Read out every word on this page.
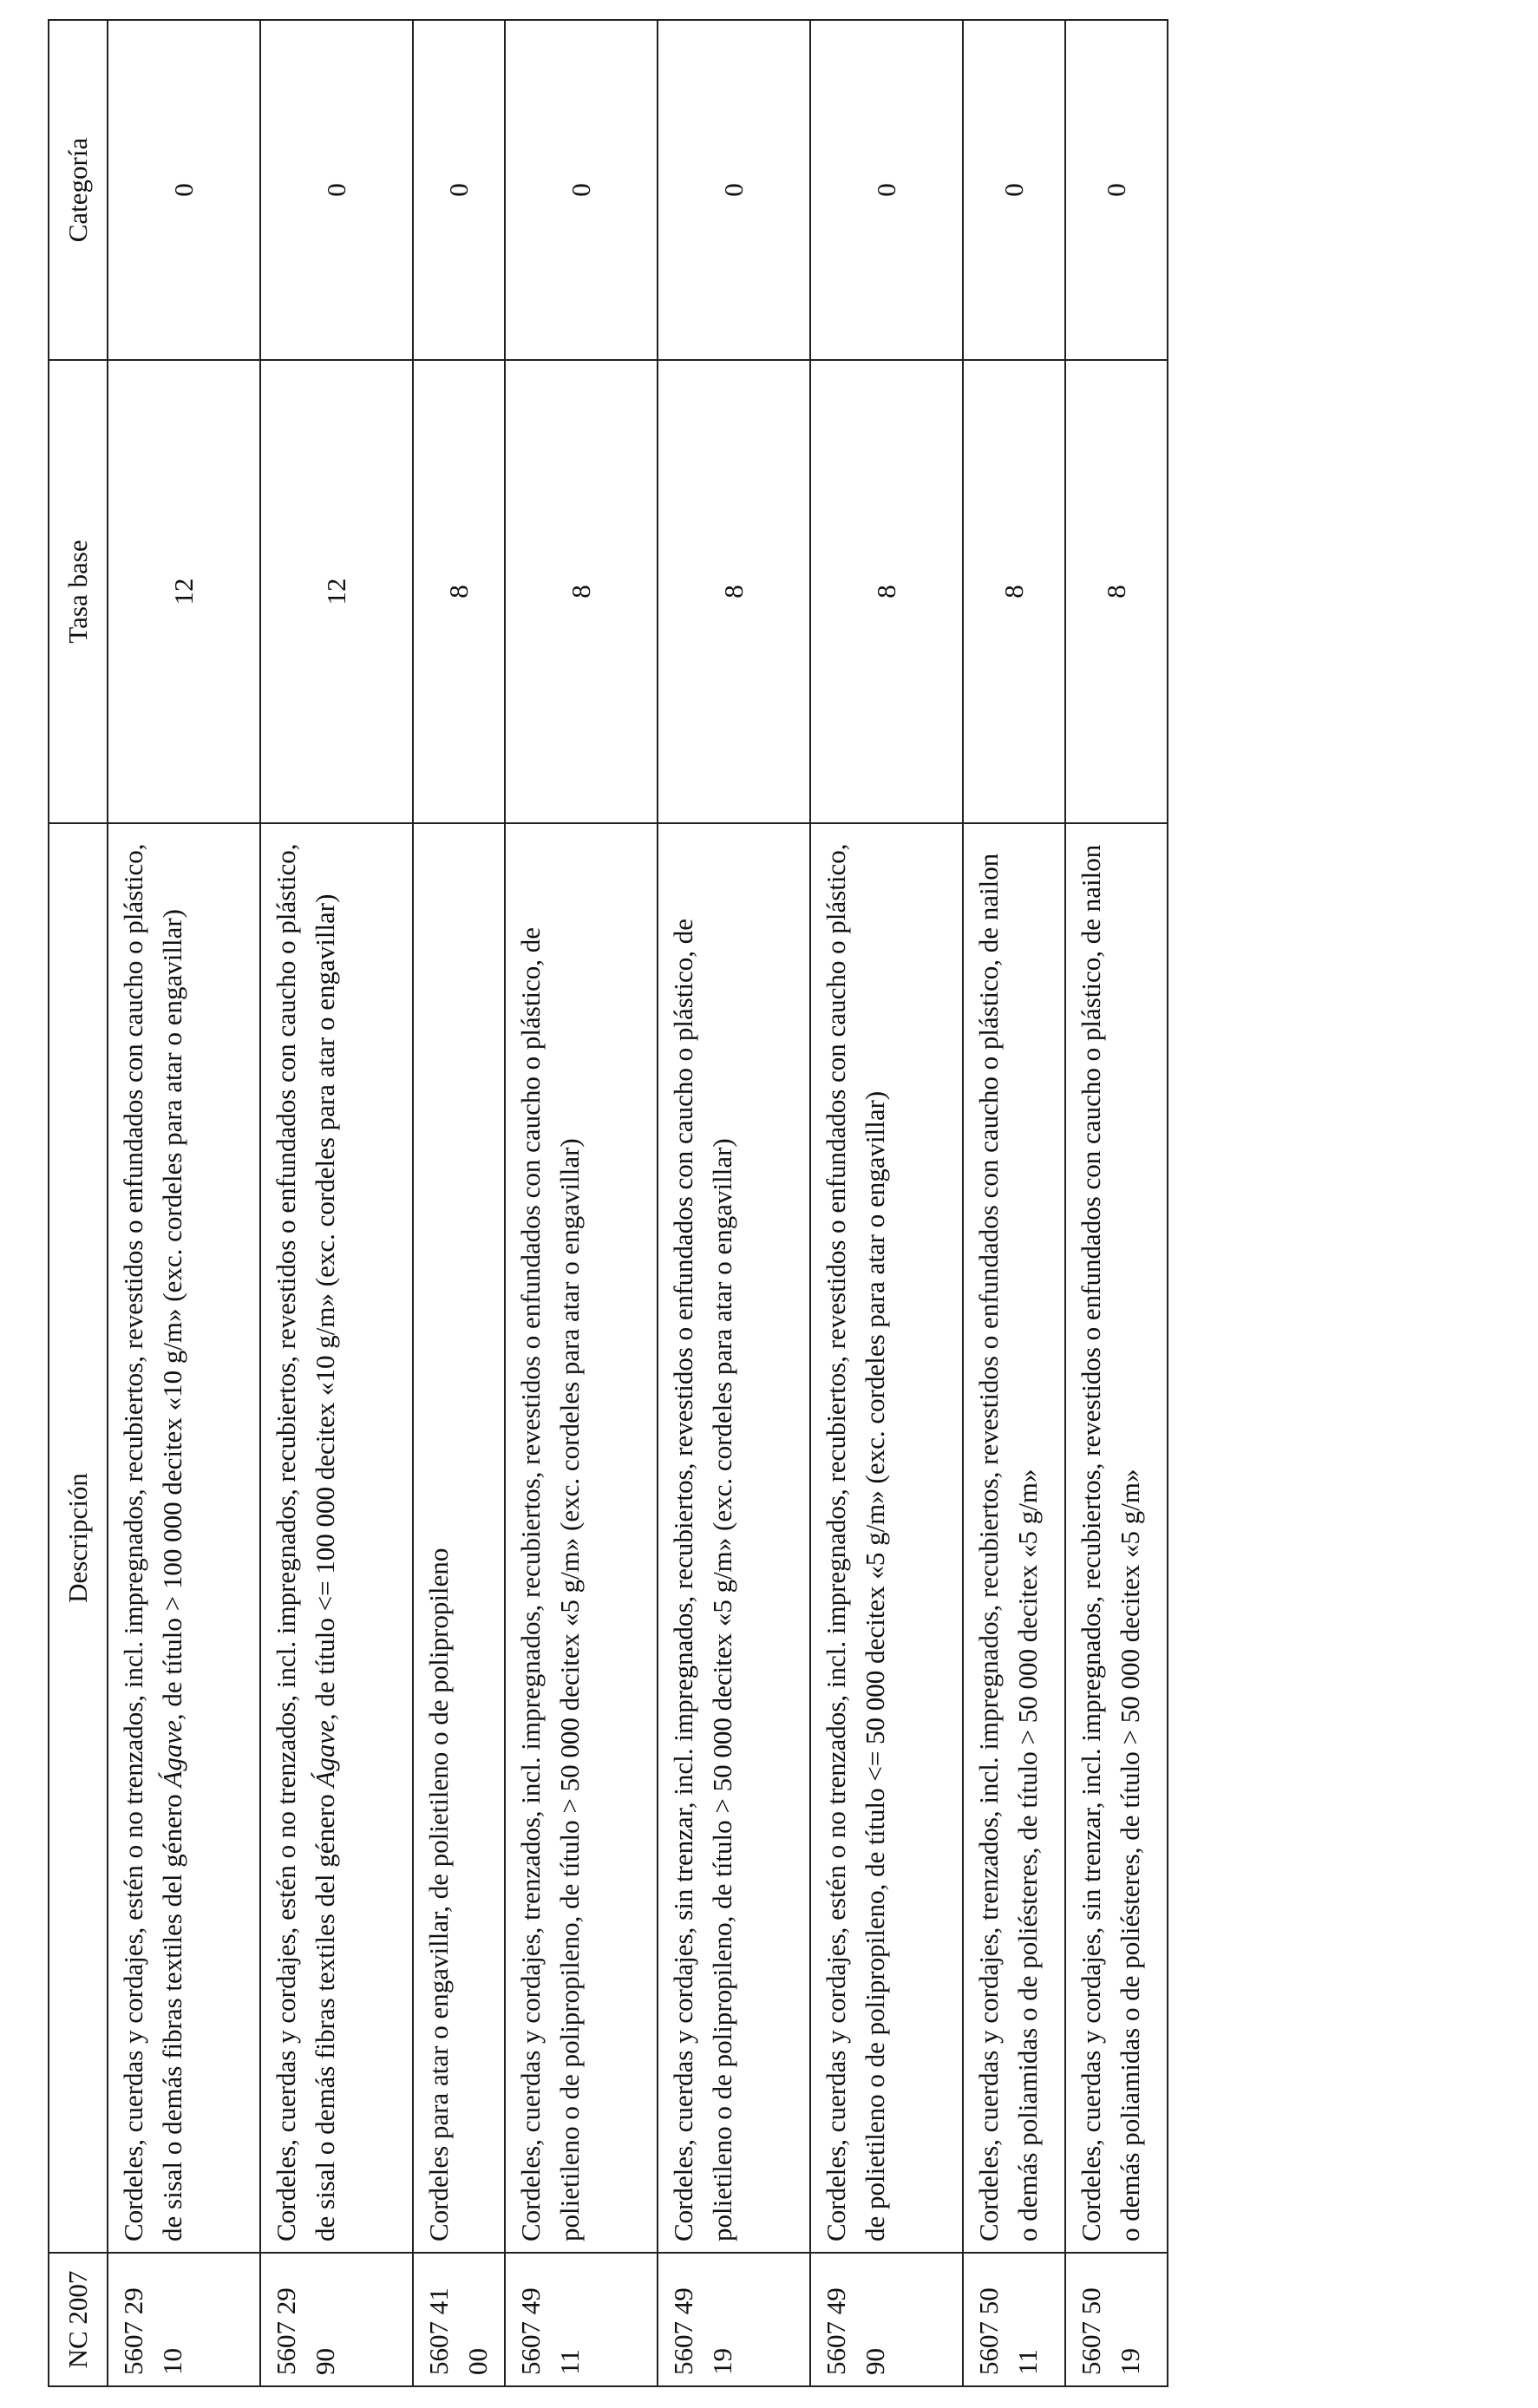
NC 2007	Descripción	Tasa base	Categoría
5607 29 10	Cordeles, cuerdas y cordajes, estén o no trenzados, incl. impregnados, recubiertos, revestidos o enfundados con caucho o plástico, de sisal o demás fibras textiles del género Ágave, de título > 100 000 decitex «10 g/m» (exc. cordeles para atar o engavillar)	12	0
5607 29 90	Cordeles, cuerdas y cordajes, estén o no trenzados, incl. impregnados, recubiertos, revestidos o enfundados con caucho o plástico, de sisal o demás fibras textiles del género Ágave, de título <= 100 000 decitex «10 g/m» (exc. cordeles para atar o engavillar)	12	0
5607 41 00	Cordeles para atar o engavillar, de polietileno o de polipropileno	8	0
5607 49 11	Cordeles, cuerdas y cordajes, trenzados, incl. impregnados, recubiertos, revestidos o enfundados con caucho o plástico, de polietileno o de polipropileno, de título > 50 000 decitex «5 g/m» (exc. cordeles para atar o engavillar)	8	0
5607 49 19	Cordeles, cuerdas y cordajes, sin trenzar, incl. impregnados, recubiertos, revestidos o enfundados con caucho o plástico, de polietileno o de polipropileno, de título > 50 000 decitex «5 g/m» (exc. cordeles para atar o engavillar)	8	0
5607 49 90	Cordeles, cuerdas y cordajes, estén o no trenzados, incl. impregnados, recubiertos, revestidos o enfundados con caucho o plástico, de polietileno o de polipropileno, de título <= 50 000 decitex «5 g/m» (exc. cordeles para atar o engavillar)	8	0
5607 50 11	Cordeles, cuerdas y cordajes, trenzados, incl. impregnados, recubiertos, revestidos o enfundados con caucho o plástico, de nailon o demás poliamidas o de poliésteres, de título > 50 000 decitex «5 g/m»	8	0
5607 50 19	Cordeles, cuerdas y cordajes, sin trenzar, incl. impregnados, recubiertos, revestidos o enfundados con caucho o plástico, de nailon o demás poliamidas o de poliésteres, de título > 50 000 decitex «5 g/m»	8	0
